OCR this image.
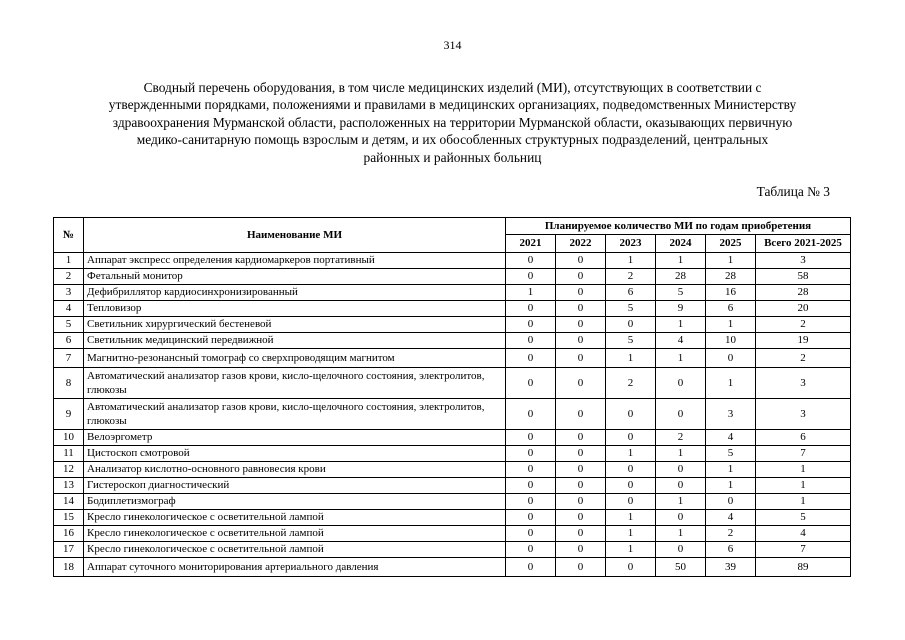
314
Сводный перечень оборудования, в том числе медицинских изделий (МИ), отсутствующих в соответствии с
утвержденными порядками, положениями и правилами в медицинских организациях, подведомственных Министерству
здравоохранения Мурманской области, расположенных на территории Мурманской области, оказывающих первичную
медико-санитарную помощь взрослым и детям, и их обособленных структурных подразделений, центральных
районных и районных больниц
Таблица № 3
№	Наименование МИ	Планируемое количество МИ по годам приобретения					
		2021	2022	2023	2024	2025	Всего 2021-2025
1	Аппарат экспресс определения кардиомаркеров портативный	0	0	1	1	1	3
2	Фетальный монитор	0	0	2	28	28	58
3	Дефибриллятор кардиосинхронизированный	1	0	6	5	16	28
4	Тепловизор	0	0	5	9	6	20
5	Светильник хирургический бестеневой	0	0	0	1	1	2
6	Светильник медицинский передвижной	0	0	5	4	10	19
7	Магнитно-резонансный томограф со сверхпроводящим магнитом	0	0	1	1	0	2
8	Автоматический анализатор газов крови, кисло-щелочного состояния, электролитов, глюкозы	0	0	2	0	1	3
9	Автоматический анализатор газов крови, кисло-щелочного состояния, электролитов, глюкозы	0	0	0	0	3	3
10	Велоэргометр	0	0	0	2	4	6
11	Цистоскоп смотровой	0	0	1	1	5	7
12	Анализатор кислотно-основного равновесия крови	0	0	0	0	1	1
13	Гистероскоп диагностический	0	0	0	0	1	1
14	Бодиплетизмограф	0	0	0	1	0	1
15	Кресло гинекологическое с осветительной лампой	0	0	1	0	4	5
16	Кресло гинекологическое с осветительной лампой	0	0	1	1	2	4
17	Кресло гинекологическое с осветительной лампой	0	0	1	0	6	7
18	Аппарат суточного мониторирования артериального давления	0	0	0	50	39	89
